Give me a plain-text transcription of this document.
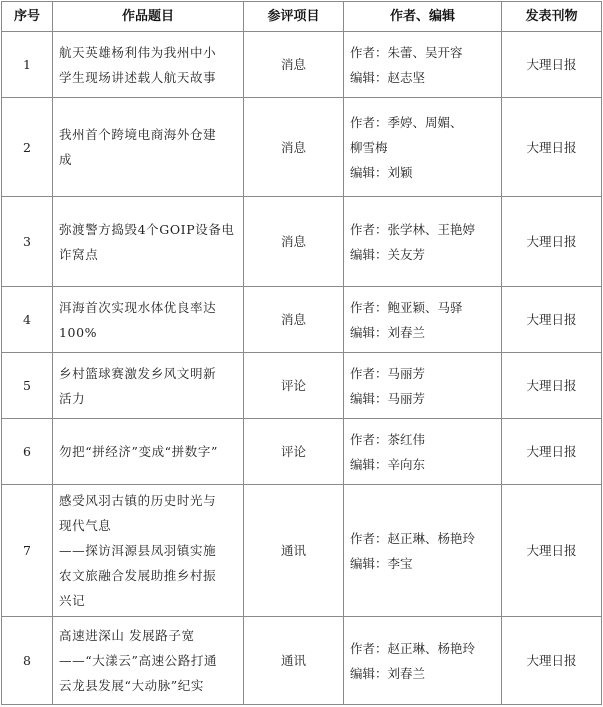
序号	作品题目	参评项目	作者、编辑	发表刊物
1	航天英雄杨利伟为我州中小
学生现场讲述载人航天故事	消息	作者：朱蕾、吴开容
编辑：赵志坚	大理日报
2	我州首个跨境电商海外仓建
成	消息	作者：季婷、周媚、
柳雪梅
编辑：刘颖	大理日报
3	弥渡警方捣毁4个GOIP设备电
诈窝点	消息	作者：张学林、王艳婷
编辑：关友芳	大理日报
4	洱海首次实现水体优良率达
100%	消息	作者：鲍亚颖、马驿
编辑：刘春兰	大理日报
5	乡村篮球赛激发乡风文明新
活力	评论	作者：马丽芳
编辑：马丽芳	大理日报
6	勿把“拼经济”变成“拼数字”	评论	作者：茶红伟
编辑：辛向东	大理日报
7	感受风羽古镇的历史时光与
现代气息
——探访洱源县凤羽镇实施
农文旅融合发展助推乡村振
兴记	通讯	作者：赵正琳、杨艳玲
编辑：李宝	大理日报
8	高速进深山 发展路子宽
——“大漾云”高速公路打通
云龙县发展“大动脉”纪实	通讯	作者：赵正琳、杨艳玲
编辑：刘春兰	大理日报
